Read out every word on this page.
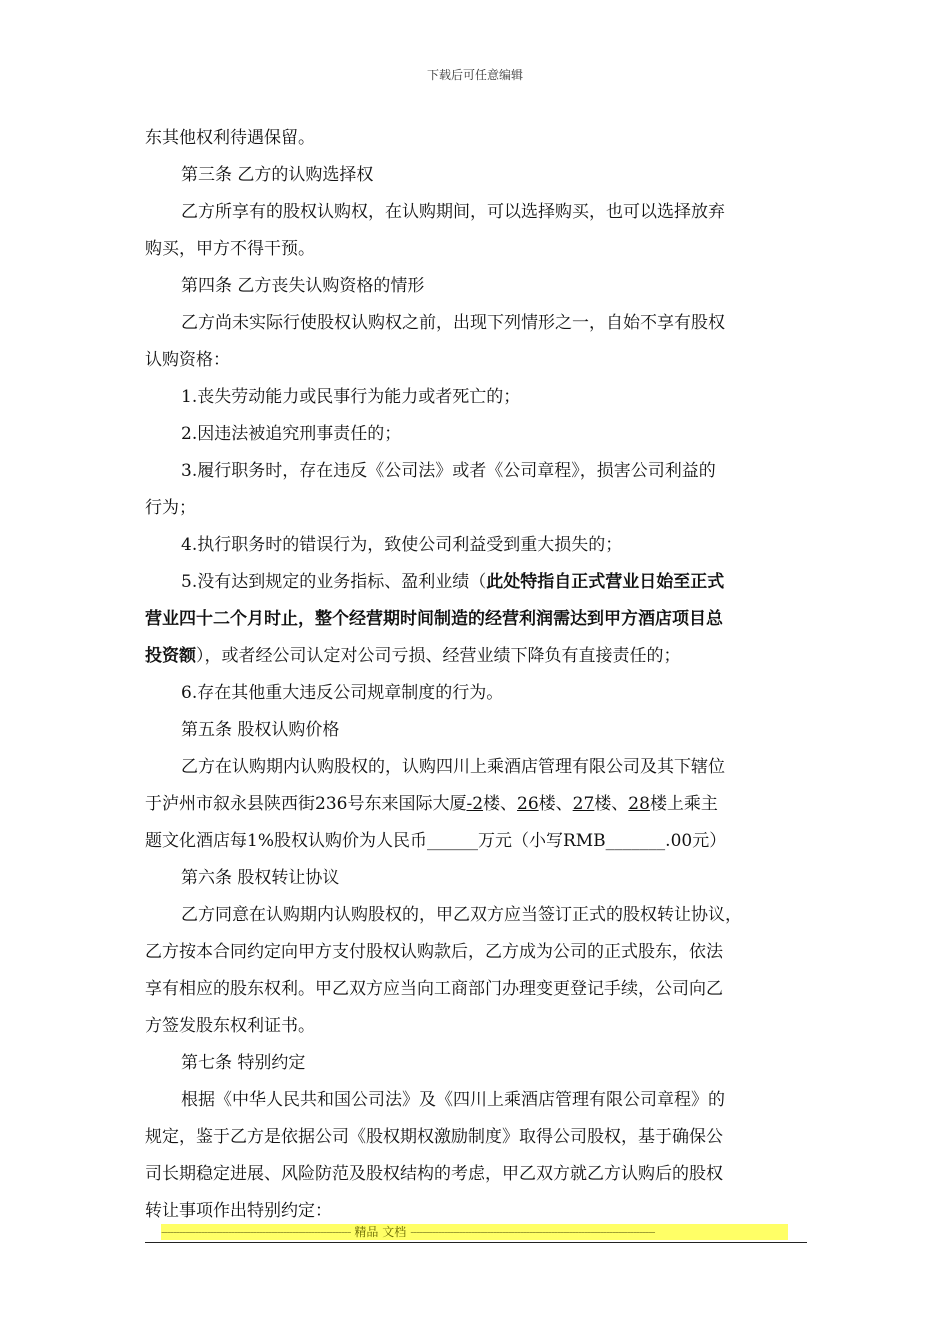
下载后可任意编辑

东其他权利待遇保留。

第三条 乙方的认购选择权

乙方所享有的股权认购权，在认购期间，可以选择购买，也可以选择放弃

购买，甲方不得干预。

第四条 乙方丧失认购资格的情形

乙方尚未实际行使股权认购权之前，出现下列情形之一，自始不享有股权

认购资格：

1.丧失劳动能力或民事行为能力或者死亡的；

2.因违法被追究刑事责任的；

3.履行职务时，存在违反《公司法》或者《公司章程》，损害公司利益的

行为；

4.执行职务时的错误行为，致使公司利益受到重大损失的；

5.没有达到规定的业务指标、盈利业绩（此处特指自正式营业日始至正式

营业四十二个月时止，整个经营期时间制造的经营利润需达到甲方酒店项目总

投资额），或者经公司认定对公司亏损、经营业绩下降负有直接责任的；

6.存在其他重大违反公司规章制度的行为。

第五条 股权认购价格

乙方在认购期内认购股权的，认购四川上乘酒店管理有限公司及其下辖位

于泸州市叙永县陕西街236号东来国际大厦-2楼、26楼、27楼、28楼上乘主

题文化酒店每1%股权认购价为人民币______万元（小写RMB_______.00元）

第六条 股权转让协议

乙方同意在认购期内认购股权的，甲乙双方应当签订正式的股权转让协议，

乙方按本合同约定向甲方支付股权认购款后，乙方成为公司的正式股东，依法

享有相应的股东权利。甲乙双方应当向工商部门办理变更登记手续，公司向乙

方签发股东权利证书。

第七条 特别约定

根据《中华人民共和国公司法》及《四川上乘酒店管理有限公司章程》的

规定，鉴于乙方是依据公司《股权期权激励制度》取得公司股权，基于确保公

司长期稳定进展、风险防范及股权结构的考虑，甲乙双方就乙方认购后的股权

转让事项作出特别约定：

-------------------------------------------------------------- 精品 文档 --------------------------------------------------------------------------------
